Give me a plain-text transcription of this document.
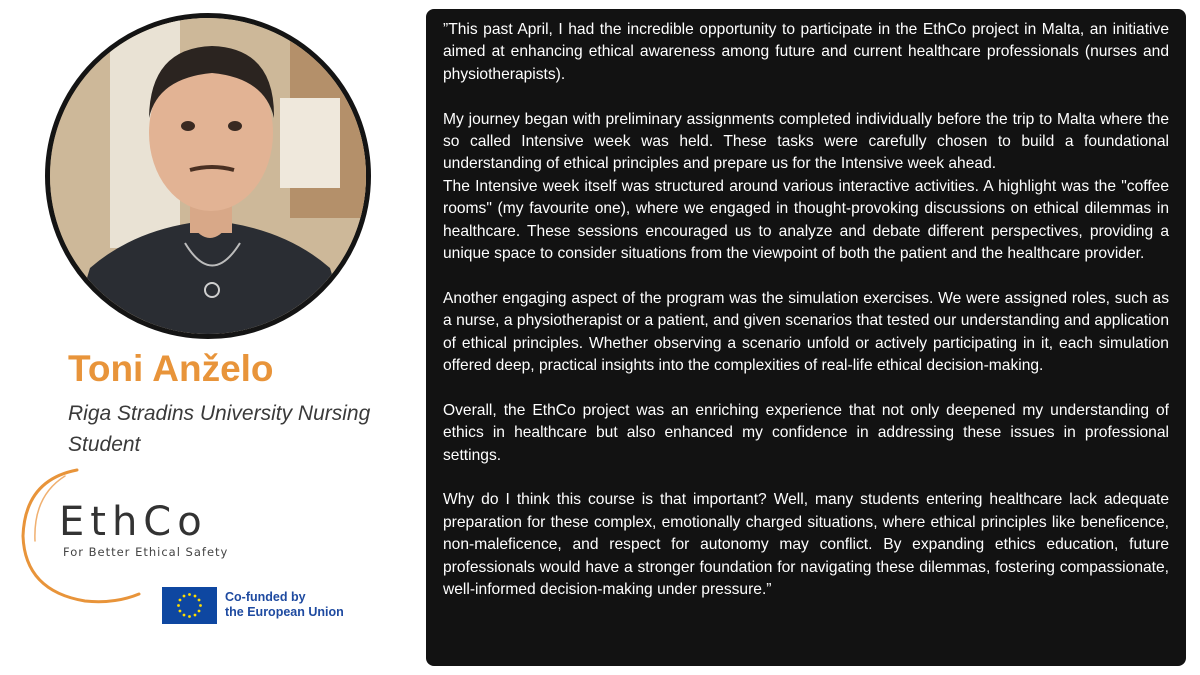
Toni Anželo
Riga Stradins University Nursing Student
EthCo
For Better Ethical Safety
Co-funded by
the European Union

”This past April, I had the incredible opportunity to participate in the EthCo project in Malta, an initiative aimed at enhancing ethical awareness among future and current healthcare professionals (nurses and physiotherapists).

My journey began with preliminary assignments completed individually before the trip to Malta where the so called Intensive week was held. These tasks were carefully chosen to build a foundational understanding of ethical principles and prepare us for the Intensive week ahead.

The Intensive week itself was structured around various interactive activities. A highlight was the "coffee rooms" (my favourite one), where we engaged in thought-provoking discussions on ethical dilemmas in healthcare. These sessions encouraged us to analyze and debate different perspectives, providing a unique space to consider situations from the viewpoint of both the patient and the healthcare provider.

Another engaging aspect of the program was the simulation exercises. We were assigned roles, such as a nurse, a physiotherapist or a patient, and given scenarios that tested our understanding and application of ethical principles. Whether observing a scenario unfold or actively participating in it, each simulation offered deep, practical insights into the complexities of real-life ethical decision-making.

Overall, the EthCo project was an enriching experience that not only deepened my understanding of ethics in healthcare but also enhanced my confidence in addressing these issues in professional settings.

Why do I think this course is that important? Well, many students entering healthcare lack adequate preparation for these complex, emotionally charged situations, where ethical principles like beneficence, non-maleficence, and respect for autonomy may conflict. By expanding ethics education, future professionals would have a stronger foundation for navigating these dilemmas, fostering compassionate, well-informed decision-making under pressure.”
